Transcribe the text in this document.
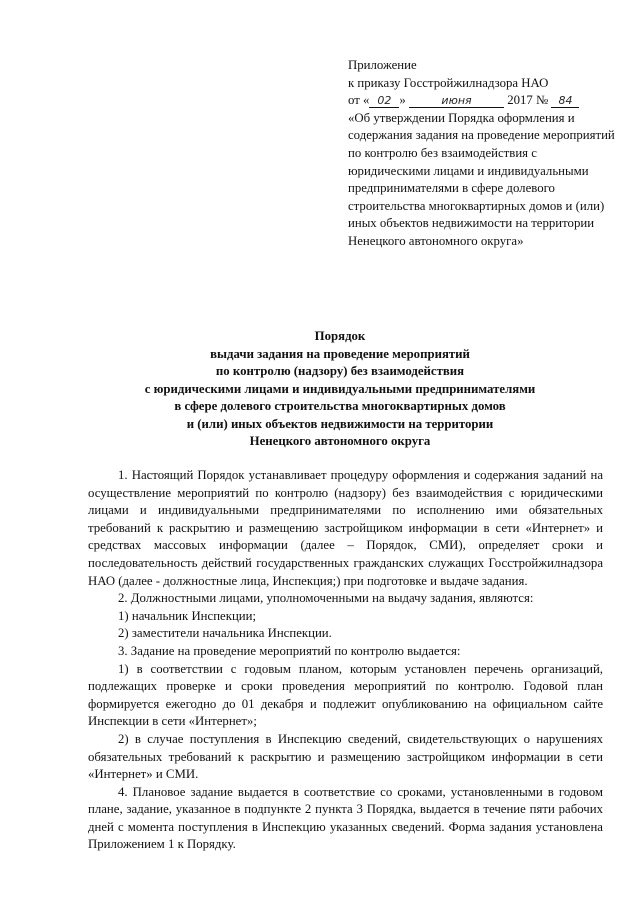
Приложение
к приказу Госстройжилнадзора НАО
от « 02 »	июня	2017 № 84
«Об утверждении Порядка оформления и содержания задания на проведение мероприятий по контролю без взаимодействия с юридическими лицами и индивидуальными предпринимателями в сфере долевого строительства многоквартирных домов и (или) иных объектов недвижимости на территории Ненецкого автономного округа»
Порядок
выдачи задания на проведение мероприятий
по контролю (надзору) без взаимодействия
с юридическими лицами и индивидуальными предпринимателями
в сфере долевого строительства многоквартирных домов
и (или) иных объектов недвижимости на территории
Ненецкого автономного округа

1. Настоящий Порядок устанавливает процедуру оформления и содержания заданий на осуществление мероприятий по контролю (надзору) без взаимодействия с юридическими лицами и индивидуальными предпринимателями по исполнению ими обязательных требований к раскрытию и размещению застройщиком информации в сети «Интернет» и средствах массовых информации (далее – Порядок, СМИ), определяет сроки и последовательность действий государственных гражданских служащих Госстройжилнадзора НАО (далее - должностные лица, Инспекция;) при подготовке и выдаче задания.

2. Должностными лицами, уполномоченными на выдачу задания, являются:

1) начальник Инспекции;

2) заместители начальника Инспекции.

3. Задание на проведение мероприятий по контролю выдается:

1) в соответствии с годовым планом, которым установлен перечень организаций, подлежащих проверке и сроки проведения мероприятий по контролю. Годовой план формируется ежегодно до 01 декабря и подлежит опубликованию на официальном сайте Инспекции в сети «Интернет»;

2) в случае поступления в Инспекцию сведений, свидетельствующих о нарушениях обязательных требований к раскрытию и размещению застройщиком информации в сети «Интернет» и СМИ.

4. Плановое задание выдается в соответствие со сроками, установленными в годовом плане, задание, указанное в подпункте 2 пункта 3 Порядка, выдается в течение пяти рабочих дней с момента поступления в Инспекцию указанных сведений. Форма задания установлена Приложением 1 к Порядку.
